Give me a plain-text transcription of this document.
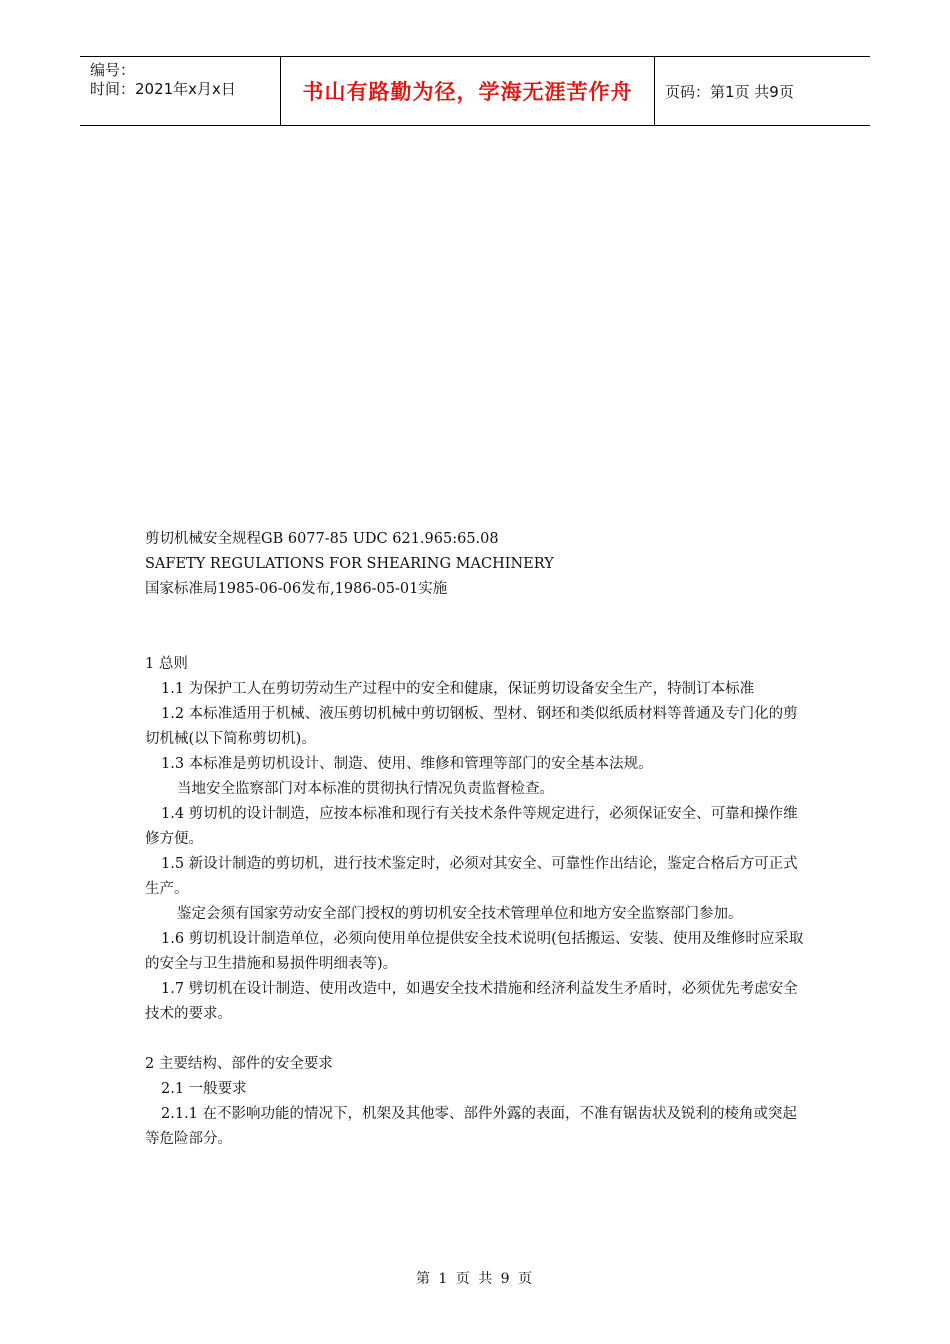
编号：
时间：2021年x月x日	书山有路勤为径，学海无涯苦作舟	页码：第1页 共9页

剪切机械安全规程GB 6077-85 UDC 621.965:65.08

SAFETY REGULATIONS FOR SHEARING MACHINERY

国家标准局1985-06-06发布,1986-05-01实施

1 总则

1.1 为保护工人在剪切劳动生产过程中的安全和健康，保证剪切设备安全生产，特制订本标准

1.2 本标准适用于机械、液压剪切机械中剪切钢板、型材、钢坯和类似纸质材料等普通及专门化的剪切机械(以下简称剪切机)。

1.3 本标准是剪切机设计、制造、使用、维修和管理等部门的安全基本法规。

当地安全监察部门对本标准的贯彻执行情况负责监督检查。

1.4 剪切机的设计制造，应按本标准和现行有关技术条件等规定进行，必须保证安全、可靠和操作维修方便。

1.5 新设计制造的剪切机，进行技术鉴定时，必须对其安全、可靠性作出结论，鉴定合格后方可正式生产。

鉴定会须有国家劳动安全部门授权的剪切机安全技术管理单位和地方安全监察部门参加。

1.6 剪切机设计制造单位，必须向使用单位提供安全技术说明(包括搬运、安装、使用及维修时应采取的安全与卫生措施和易损件明细表等)。

1.7 劈切机在设计制造、使用改造中，如遇安全技术措施和经济利益发生矛盾时，必须优先考虑安全技术的要求。

2 主要结构、部件的安全要求

2.1 一般要求

2.1.1 在不影响功能的情况下，机架及其他零、部件外露的表面，不准有锯齿状及锐利的棱角或突起等危险部分。

第 1 页 共 9 页
